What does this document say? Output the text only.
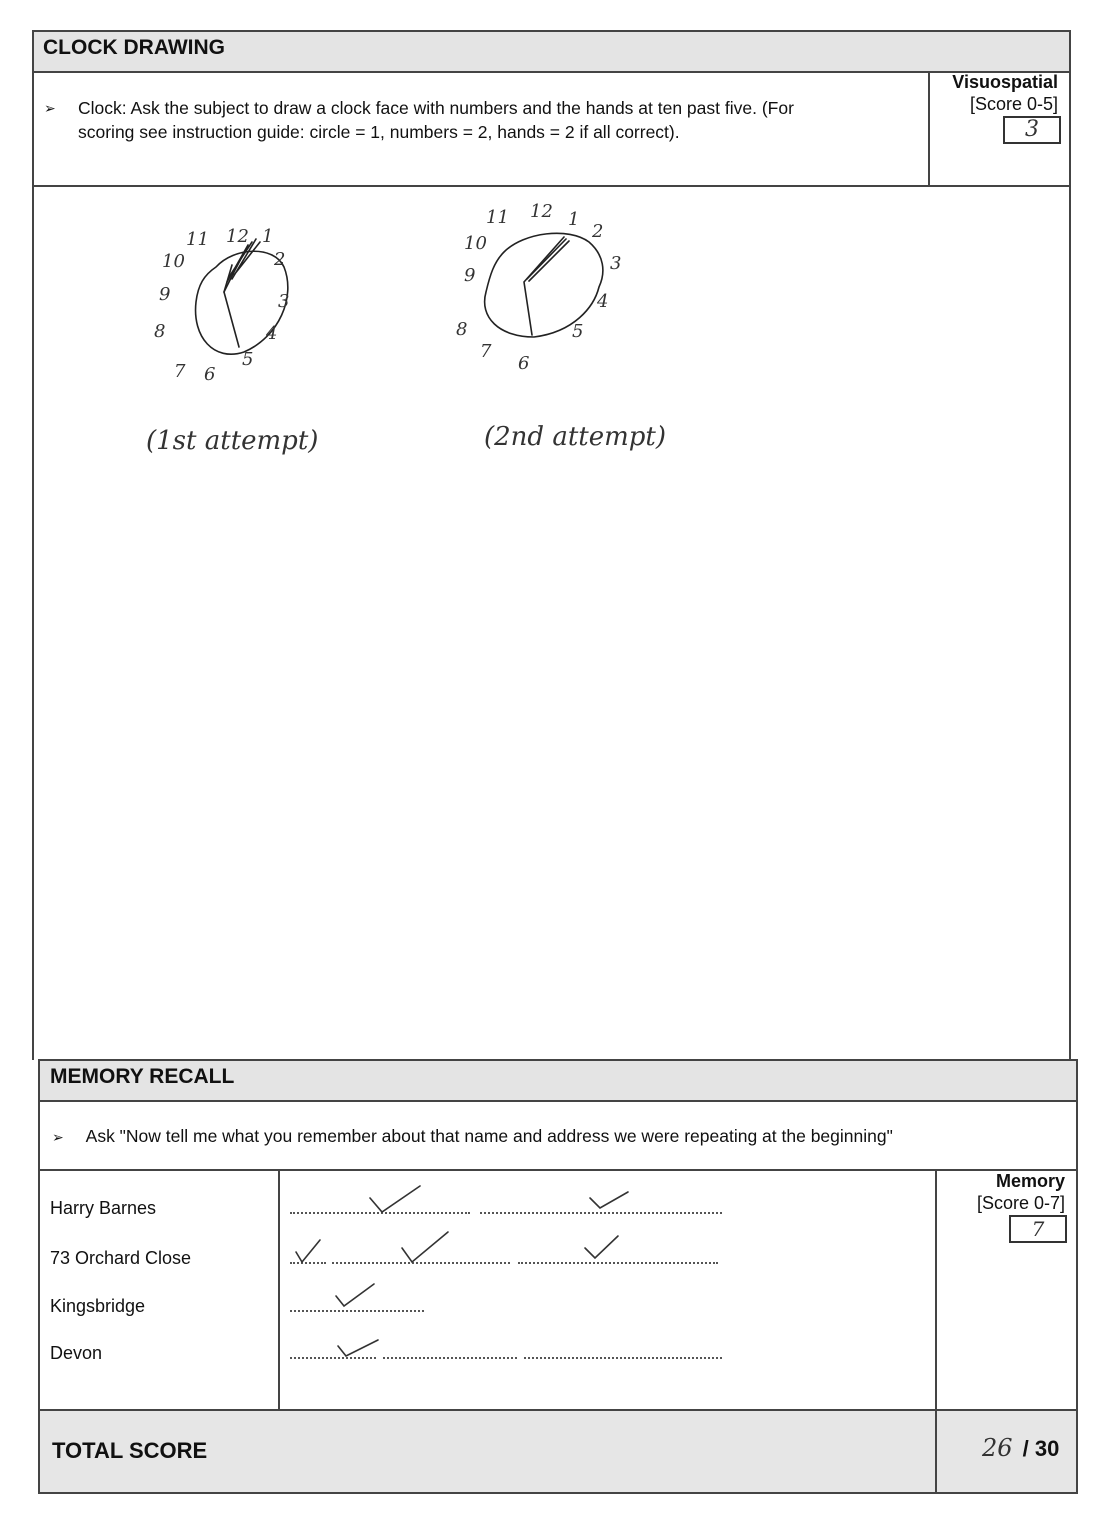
CLOCK DRAWING
➢ Clock: Ask the subject to draw a clock face with numbers and the hands at ten past five. (For
scoring see instruction guide: circle = 1, numbers = 2, hands = 2 if all correct).
Visuospatial
[Score 0-5]
3
11 12 1
2
10
9	3
8	4
7 6
5
(1st attempt)
11 12 1
2
10
3
9
4
5
8
7
6
(2nd attempt)
MEMORY RECALL
➢ Ask "Now tell me what you remember about that name and address we were repeating at the beginning"
Harry Barnes
73 Orchard Close
Kingsbridge
Devon
Memory
[Score 0-7]
7
TOTAL SCORE	26 / 30
